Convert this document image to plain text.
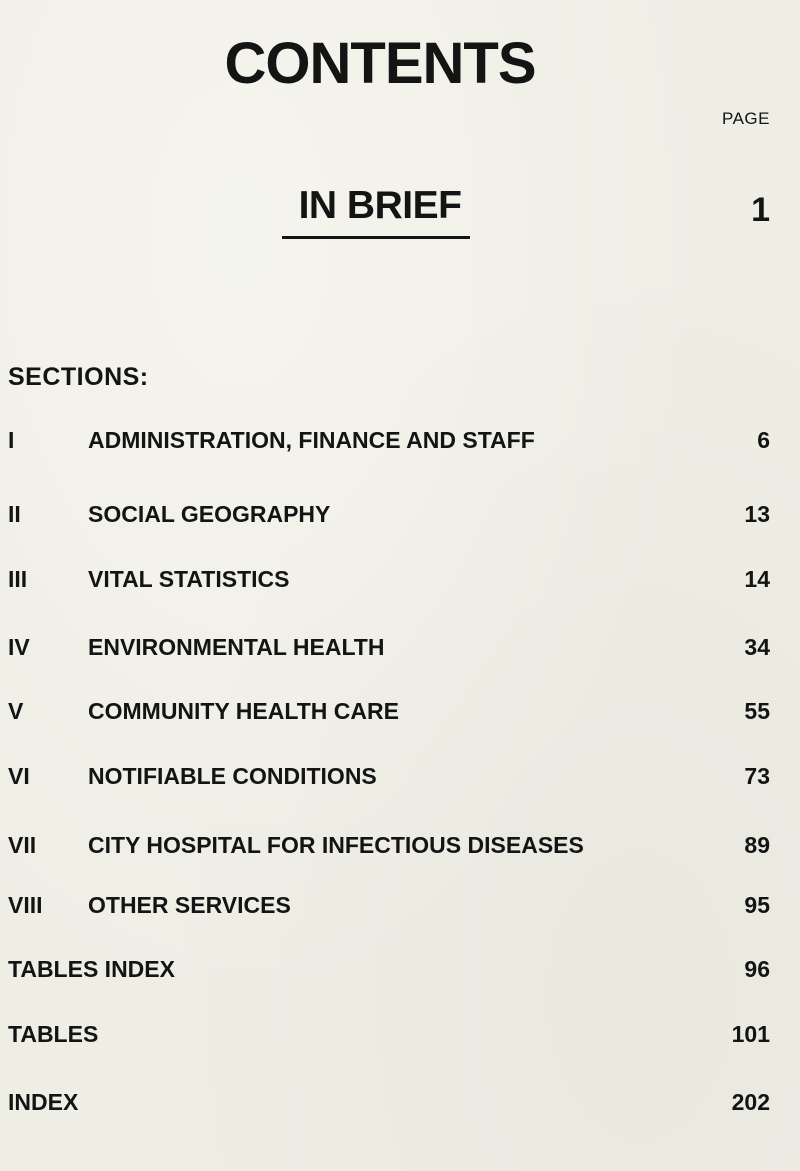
CONTENTS
PAGE
IN BRIEF	1
SECTIONS:
I	ADMINISTRATION, FINANCE AND STAFF	6
II	SOCIAL GEOGRAPHY	13
III	VITAL STATISTICS	14
IV	ENVIRONMENTAL HEALTH	34
V	COMMUNITY HEALTH CARE	55
VI	NOTIFIABLE CONDITIONS	73
VII CITY HOSPITAL FOR INFECTIOUS DISEASES	89
VIII OTHER SERVICES	95
TABLES INDEX	96
TABLES	101
INDEX	202
